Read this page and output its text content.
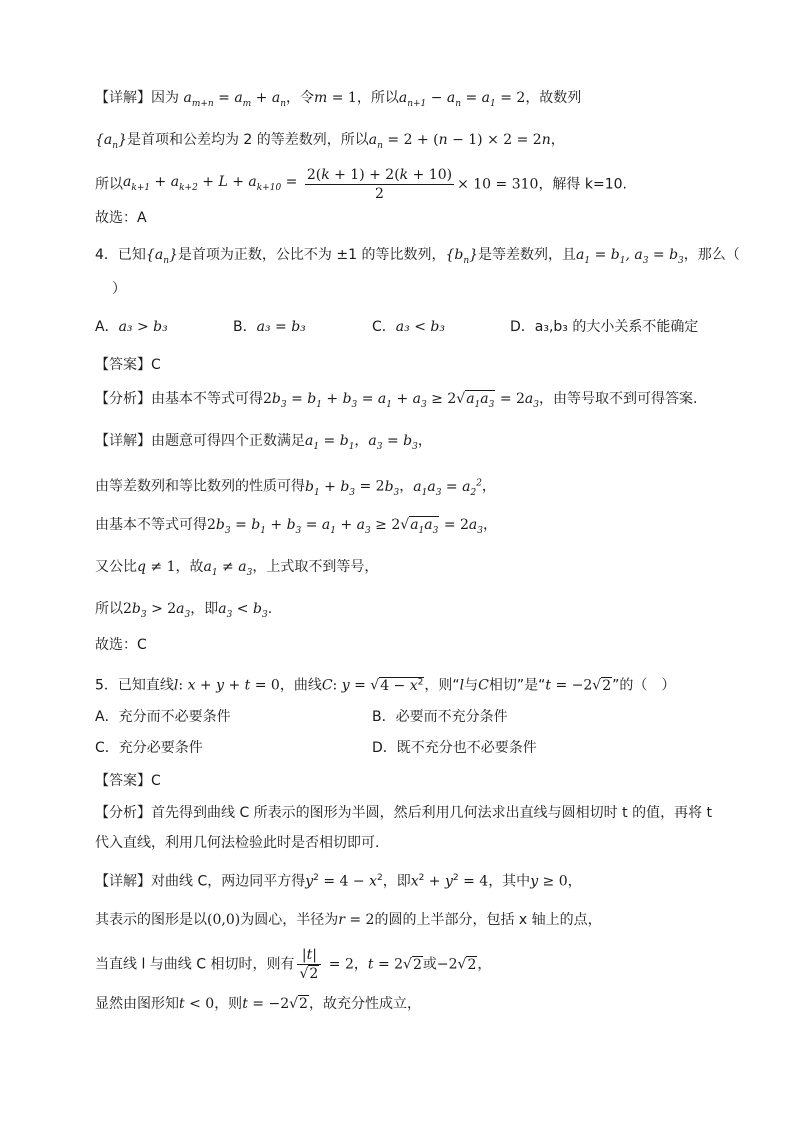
【详解】因为 $a_{m+n} = a_m + a_n$，令m = 1，所以$a_{n+1} - a_n = a_1 = 2$，故数列
$\{a_n\}$是首项和公差均为 2 的等差数列，所以$a_n = 2 + (n - 1) \times 2 = 2n$，
所以$a_{k+1} + a_{k+2} + L + a_{k+10} = \frac{2(k + 1) + 2(k + 10)}{2} \times 10 = 310$，解得 k=10.
故选：A
4．已知$\{a_n\}$是首项为正数，公比不为 ±1 的等比数列，$\{b_n\}$是等差数列，且$a_1 = b_1$, $a_3 = b_3$，那么（
）
A．a₃ > b₃	B．a₃ = b₃	C．a₃ < b₃	D．a₃,b₃ 的大小关系不能确定
【答案】C
【分析】由基本不等式可得$2b_3 = b_1 + b_3 = a_1 + a_3 \ge 2√a_1a_3 = 2a_3$，由等号取不到可得答案.
【详解】由题意可得四个正数满足$a_1 = b_1$，$a_3 = b_3$，
由等差数列和等比数列的性质可得$b_1 + b_3 = 2b_3$，$a_1a_3 = a_2^2$，
由基本不等式可得$2b_3 = b_1 + b_3 = a_1 + a_3 \ge 2√a_1a_3 = 2a_3$，
又公比q ≠ 1，故$a_1 \ne a_3$，上式取不到等号，
所以$2b_3 > 2a_3$，即$a_3 < b_3$.
故选：C
5．已知直线l: x + y + t = 0，曲线C: $y = √4 - x^2$，则“l与C相切”是“t = −2√2”的（　）
A．充分而不必要条件	B．必要而不充分条件
C．充分必要条件	D．既不充分也不必要条件
【答案】C
【分析】首先得到曲线 C 所表示的图形为半圆，然后利用几何法求出直线与圆相切时 t 的值，再将 t
代入直线，利用几何法检验此时是否相切即可.
【详解】对曲线 C，两边同平方得$y^2 = 4 - x^2$，即$x^2 + y^2 = 4$，其中y ≥ 0，
其表示的图形是以(0,0)为圆心，半径为r = 2的圆的上半部分，包括 x 轴上的点，
当直线 l 与曲线 C 相切时，则有 $\frac{|t|}{√2} = 2$，t = 2√2或−2√2，
显然由图形知t < 0，则t = −2√2，故充分性成立，
